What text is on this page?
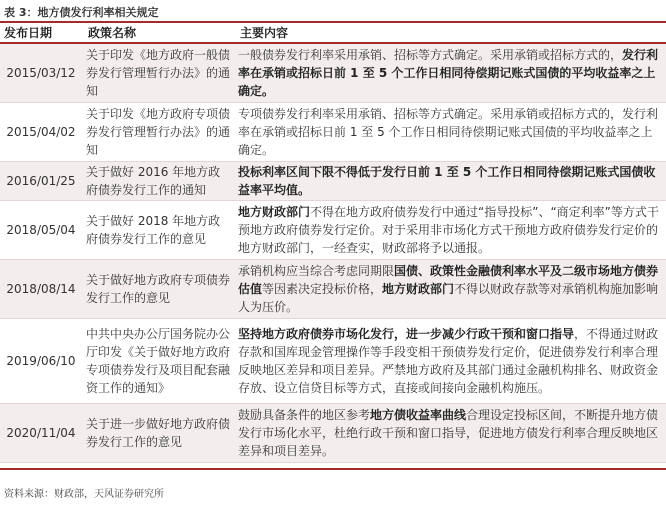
表 3：地方债发行利率相关规定
发布日期	政策名称	主要内容
2015/03/12	关于印发《地方政府一般债券发行管理暂行办法》的通知	一般债券发行利率采用承销、招标等方式确定。采用承销或招标方式的，发行利率在承销或招标日前 1 至 5 个工作日相同待偿期记账式国债的平均收益率之上确定。
2015/04/02	关于印发《地方政府专项债券发行管理暂行办法》的通知	专项债券发行利率采用承销、招标等方式确定。采用承销或招标方式的，发行利率在承销或招标日前 1 至 5 个工作日相同待偿期记账式国债的平均收益率之上确定。
2016/01/25	关于做好 2016 年地方政府债券发行工作的通知	投标利率区间下限不得低于发行日前 1 至 5 个工作日相同待偿期记账式国债收益率平均值。
2018/05/04	关于做好 2018 年地方政府债券发行工作的意见	地方财政部门不得在地方政府债券发行中通过“指导投标”、“商定利率”等方式干预地方政府债券发行定价。对于采用非市场化方式干预地方政府债券发行定价的地方财政部门，一经查实，财政部将予以通报。
2018/08/14	关于做好地方政府专项债券发行工作的意见	承销机构应当综合考虑同期限国债、政策性金融债利率水平及二级市场地方债券估值等因素决定投标价格，地方财政部门不得以财政存款等对承销机构施加影响人为压价。
2019/06/10	中共中央办公厅国务院办公厅印发《关于做好地方政府专项债券发行及项目配套融资工作的通知》	坚持地方政府债券市场化发行，进一步减少行政干预和窗口指导，不得通过财政存款和国库现金管理操作等手段变相干预债券发行定价，促进债券发行利率合理反映地区差异和项目差异。严禁地方政府及其部门通过金融机构排名、财政资金存放、设立信贷目标等方式，直接或间接向金融机构施压。
2020/11/04	关于进一步做好地方政府债券发行工作的意见	鼓励具备条件的地区参考地方债收益率曲线合理设定投标区间，不断提升地方债发行市场化水平，杜绝行政干预和窗口指导，促进地方债发行利率合理反映地区差异和项目差异。
资料来源：财政部，天风证券研究所
